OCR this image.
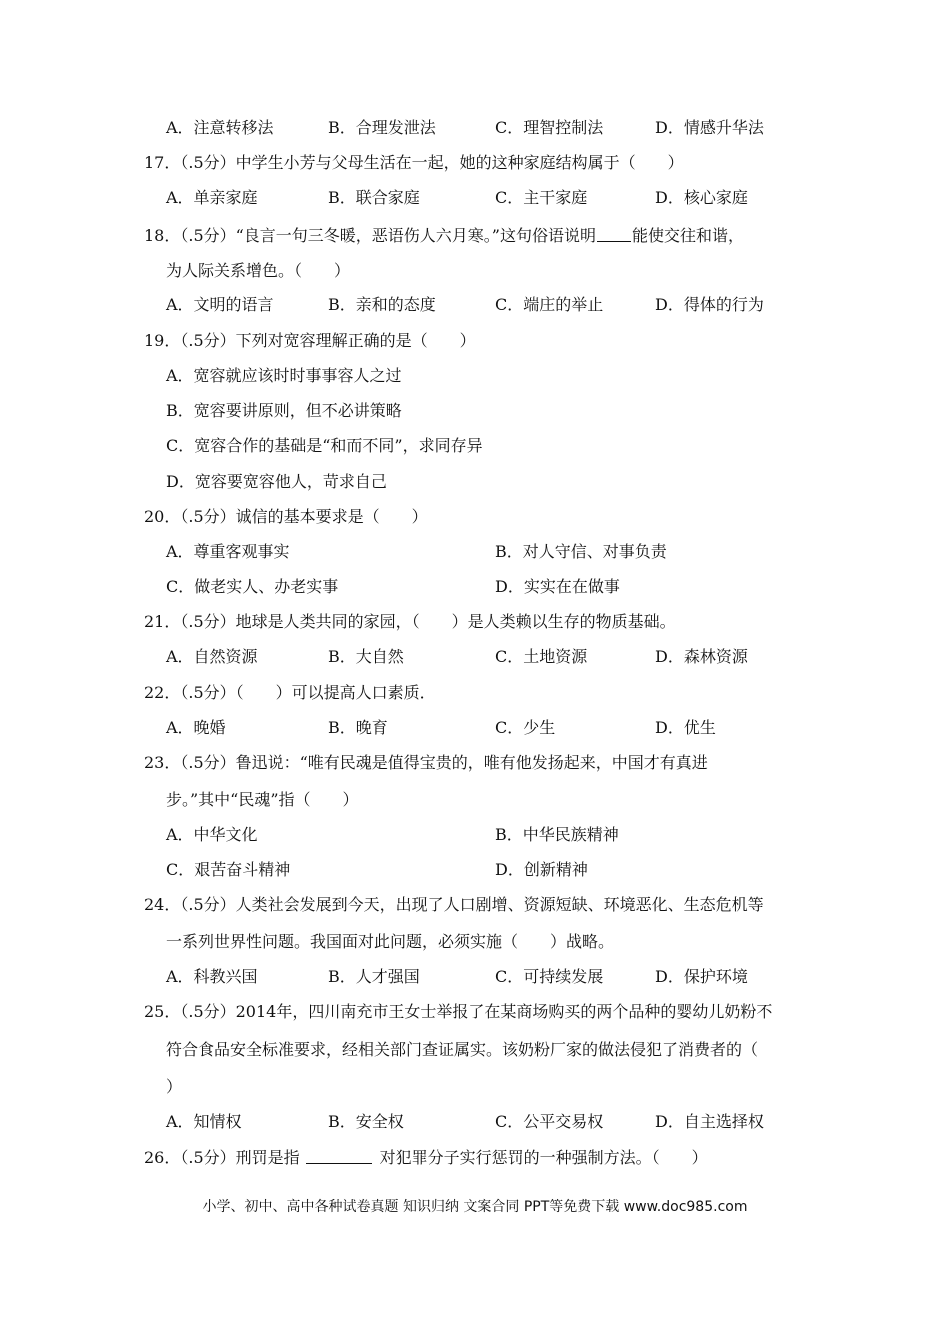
A．注意转移法	B．合理发泄法	C．理智控制法	D．情感升华法
17．（.5分）中学生小芳与父母生活在一起，她的这种家庭结构属于（　　）
A．单亲家庭	B．联合家庭	C．主干家庭	D．核心家庭
18．（.5分）“良言一句三冬暖，恶语伤人六月寒。”这句俗语说明 能使交往和谐，
为人际关系增色。（　　）
A．文明的语言	B．亲和的态度	C．端庄的举止	D．得体的行为
19．（.5分）下列对宽容理解正确的是（　　）
A．宽容就应该时时事事容人之过
B．宽容要讲原则，但不必讲策略
C．宽容合作的基础是“和而不同”，求同存异
D．宽容要宽容他人，苛求自己
20．（.5分）诚信的基本要求是（　　）
A．尊重客观事实	B．对人守信、对事负责
C．做老实人、办老实事	D．实实在在做事
21．（.5分）地球是人类共同的家园，（　　）是人类赖以生存的物质基础。
A．自然资源	B．大自然	C．土地资源	D．森林资源
22．（.5分）（　　）可以提高人口素质．
A．晚婚	B．晚育	C．少生	D．优生
23．（.5分）鲁迅说：“唯有民魂是值得宝贵的，唯有他发扬起来，中国才有真进
步。”其中“民魂”指（　　）
A．中华文化	B．中华民族精神
C．艰苦奋斗精神	D．创新精神
24．（.5分）人类社会发展到今天，出现了人口剧增、资源短缺、环境恶化、生态危机等
一系列世界性问题。我国面对此问题，必须实施（　　）战略。
A．科教兴国	B．人才强国	C．可持续发展	D．保护环境
25．（.5分）2014年，四川南充市王女士举报了在某商场购买的两个品种的婴幼儿奶粉不
符合食品安全标准要求，经相关部门查证属实。该奶粉厂家的做法侵犯了消费者的（
）
A．知情权	B．安全权	C．公平交易权	D．自主选择权
26．（.5分）刑罚是指	对犯罪分子实行惩罚的一种强制方法。（　　）
小学、初中、高中各种试卷真题 知识归纳 文案合同 PPT等免费下载 www.doc985.com
